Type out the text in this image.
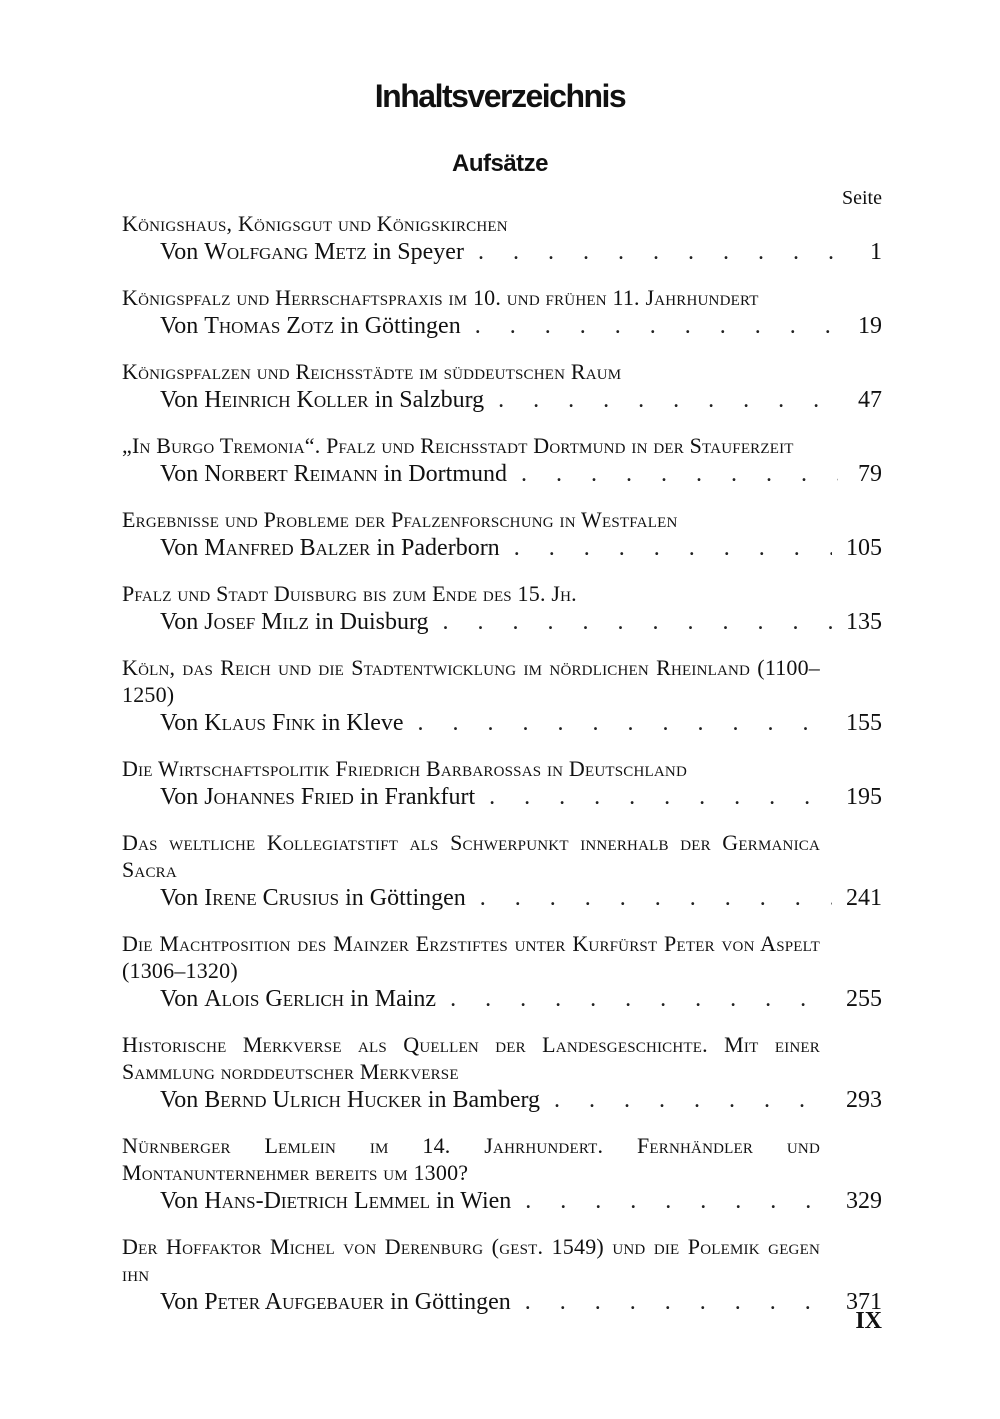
Inhaltsverzeichnis
Aufsätze
Seite
Königshaus, Königsgut und Königskirchen
Von
Wolfgang Metz
in Speyer . . .	1
Königspfalz und Herrschaftspraxis im 10. und frühen 11. Jahrhundert
Von
Thomas Zotz
in Göttingen . . .	19
Königspfalzen und Reichsstädte im süddeutschen Raum
Von
Heinrich Koller
in Salzburg . . .	47
„In Burgo Tremonia“. Pfalz und Reichsstadt Dortmund in der Stauferzeit
Von
Norbert Reimann
in Dortmund . . .	79
Ergebnisse und Probleme der Pfalzenforschung in Westfalen
Von
Manfred Balzer
in Paderborn . . .	105
Pfalz und Stadt Duisburg bis zum Ende des 15. Jh.
Von
Josef Milz
in Duisburg . . .	135
Köln, das Reich und die Stadtentwicklung im nördlichen Rheinland (1100–1250)
Von
Klaus Fink
in Kleve . . .	155
Die Wirtschaftspolitik Friedrich Barbarossas in Deutschland
Von
Johannes Fried
in Frankfurt . . .	195
Das weltliche Kollegiatstift als Schwerpunkt innerhalb der Germanica Sacra
Von
Irene Crusius
in Göttingen . . .	241
Die Machtposition des Mainzer Erzstiftes unter Kurfürst Peter von Aspelt (1306–1320)
Von
Alois Gerlich
in Mainz . . .	255
Historische Merkverse als Quellen der Landesgeschichte. Mit einer Sammlung norddeutscher Merkverse
Von
Bernd Ulrich Hucker
in Bamberg . . .	293
Nürnberger Lemlein im 14. Jahrhundert. Fernhändler und Montanunternehmer bereits um 1300?
Von
Hans-Dietrich Lemmel
in Wien . . .	329
Der Hoffaktor Michel von Derenburg (gest. 1549) und die Polemik gegen ihn
Von
Peter Aufgebauer
in Göttingen . . .	371
IX
